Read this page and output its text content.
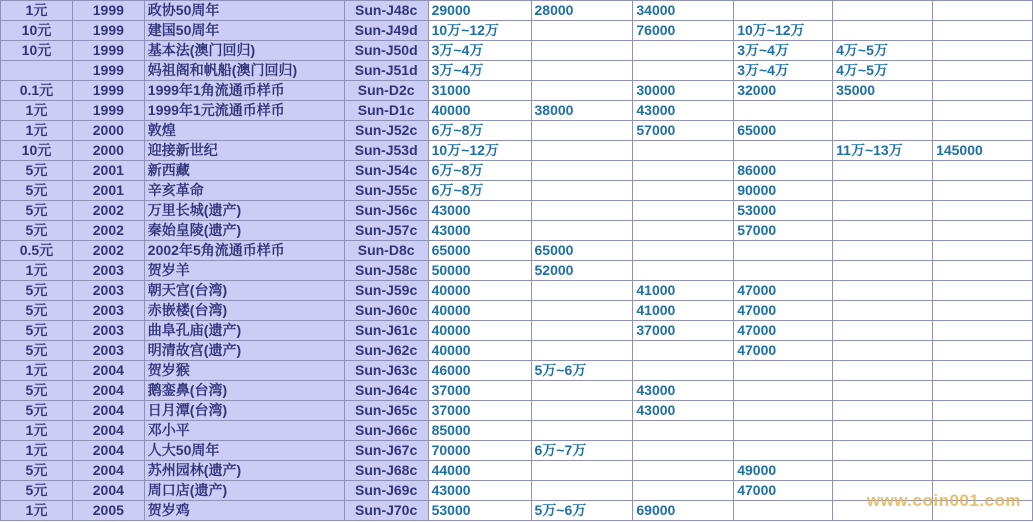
1元	1999	政协50周年	Sun-J48c	29000	28000	34000			
10元	1999	建国50周年	Sun-J49d	10万~12万		76000	10万~12万		
10元	1999	基本法(澳门回归)	Sun-J50d	3万~4万			3万~4万	4万~5万	
	1999	妈祖阁和帆船(澳门回归)	Sun-J51d	3万~4万			3万~4万	4万~5万	
0.1元	1999	1999年1角流通币样币	Sun-D2c	31000		30000	32000	35000	
1元	1999	1999年1元流通币样币	Sun-D1c	40000	38000	43000			
1元	2000	敦煌	Sun-J52c	6万~8万		57000	65000		
10元	2000	迎接新世纪	Sun-J53d	10万~12万				11万~13万	145000
5元	2001	新西藏	Sun-J54c	6万~8万			86000		
5元	2001	辛亥革命	Sun-J55c	6万~8万			90000		
5元	2002	万里长城(遗产)	Sun-J56c	43000			53000		
5元	2002	秦始皇陵(遗产)	Sun-J57c	43000			57000		
0.5元	2002	2002年5角流通币样币	Sun-D8c	65000	65000				
1元	2003	贺岁羊	Sun-J58c	50000	52000				
5元	2003	朝天宫(台湾)	Sun-J59c	40000		41000	47000		
5元	2003	赤嵌楼(台湾)	Sun-J60c	40000		41000	47000		
5元	2003	曲阜孔庙(遗产)	Sun-J61c	40000		37000	47000		
5元	2003	明清故宫(遗产)	Sun-J62c	40000			47000		
1元	2004	贺岁猴	Sun-J63c	46000	5万~6万				
5元	2004	鹅銮鼻(台湾)	Sun-J64c	37000		43000			
5元	2004	日月潭(台湾)	Sun-J65c	37000		43000			
1元	2004	邓小平	Sun-J66c	85000					
1元	2004	人大50周年	Sun-J67c	70000	6万~7万				
5元	2004	苏州园林(遗产)	Sun-J68c	44000			49000		
5元	2004	周口店(遗产)	Sun-J69c	43000			47000		
1元	2005	贺岁鸡	Sun-J70c	53000	5万~6万	69000				www.coin001.com
